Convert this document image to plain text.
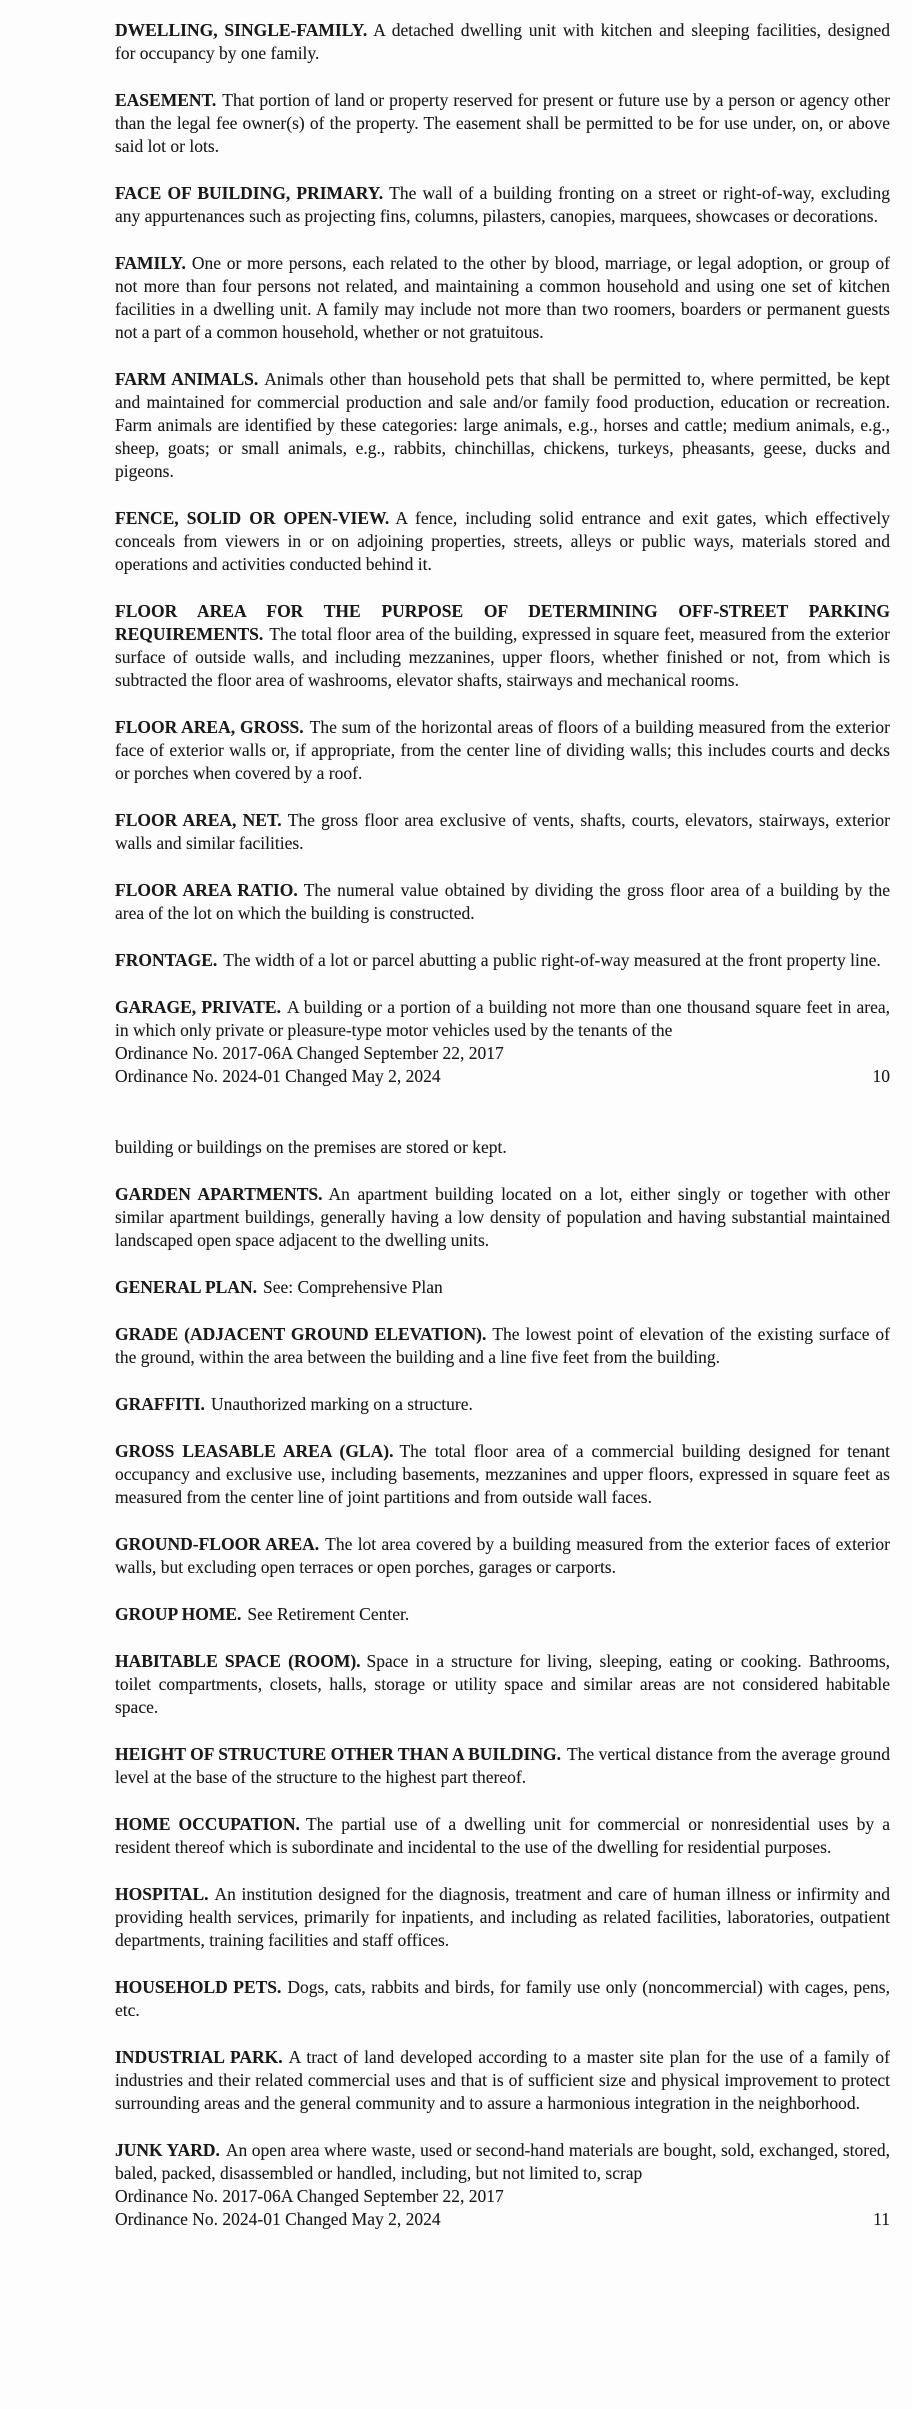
DWELLING, SINGLE-FAMILY. A detached dwelling unit with kitchen and sleeping facilities, designed for occupancy by one family.

EASEMENT. That portion of land or property reserved for present or future use by a person or agency other than the legal fee owner(s) of the property. The easement shall be permitted to be for use under, on, or above said lot or lots.

FACE OF BUILDING, PRIMARY. The wall of a building fronting on a street or right-of-way, excluding any appurtenances such as projecting fins, columns, pilasters, canopies, marquees, showcases or decorations.

FAMILY. One or more persons, each related to the other by blood, marriage, or legal adoption, or group of not more than four persons not related, and maintaining a common household and using one set of kitchen facilities in a dwelling unit. A family may include not more than two roomers, boarders or permanent guests not a part of a common household, whether or not gratuitous.

FARM ANIMALS. Animals other than household pets that shall be permitted to, where permitted, be kept and maintained for commercial production and sale and/or family food production, education or recreation. Farm animals are identified by these categories: large animals, e.g., horses and cattle; medium animals, e.g., sheep, goats; or small animals, e.g., rabbits, chinchillas, chickens, turkeys, pheasants, geese, ducks and pigeons.

FENCE, SOLID OR OPEN-VIEW. A fence, including solid entrance and exit gates, which effectively conceals from viewers in or on adjoining properties, streets, alleys or public ways, materials stored and operations and activities conducted behind it.

FLOOR AREA FOR THE PURPOSE OF DETERMINING OFF-STREET PARKING REQUIREMENTS. The total floor area of the building, expressed in square feet, measured from the exterior surface of outside walls, and including mezzanines, upper floors, whether finished or not, from which is subtracted the floor area of washrooms, elevator shafts, stairways and mechanical rooms.

FLOOR AREA, GROSS. The sum of the horizontal areas of floors of a building measured from the exterior face of exterior walls or, if appropriate, from the center line of dividing walls; this includes courts and decks or porches when covered by a roof.

FLOOR AREA, NET. The gross floor area exclusive of vents, shafts, courts, elevators, stairways, exterior walls and similar facilities.

FLOOR AREA RATIO. The numeral value obtained by dividing the gross floor area of a building by the area of the lot on which the building is constructed.

FRONTAGE. The width of a lot or parcel abutting a public right-of-way measured at the front property line.

GARAGE, PRIVATE. A building or a portion of a building not more than one thousand square feet in area, in which only private or pleasure-type motor vehicles used by the tenants of the

Ordinance No. 2017-06A Changed September 22, 2017
Ordinance No. 2024-01 Changed May 2, 2024	10

building or buildings on the premises are stored or kept.

GARDEN APARTMENTS. An apartment building located on a lot, either singly or together with other similar apartment buildings, generally having a low density of population and having substantial maintained landscaped open space adjacent to the dwelling units.

GENERAL PLAN. See: Comprehensive Plan

GRADE (ADJACENT GROUND ELEVATION). The lowest point of elevation of the existing surface of the ground, within the area between the building and a line five feet from the building.

GRAFFITI. Unauthorized marking on a structure.

GROSS LEASABLE AREA (GLA). The total floor area of a commercial building designed for tenant occupancy and exclusive use, including basements, mezzanines and upper floors, expressed in square feet as measured from the center line of joint partitions and from outside wall faces.

GROUND-FLOOR AREA. The lot area covered by a building measured from the exterior faces of exterior walls, but excluding open terraces or open porches, garages or carports.

GROUP HOME. See Retirement Center.

HABITABLE SPACE (ROOM). Space in a structure for living, sleeping, eating or cooking. Bathrooms, toilet compartments, closets, halls, storage or utility space and similar areas are not considered habitable space.

HEIGHT OF STRUCTURE OTHER THAN A BUILDING. The vertical distance from the average ground level at the base of the structure to the highest part thereof.

HOME OCCUPATION. The partial use of a dwelling unit for commercial or nonresidential uses by a resident thereof which is subordinate and incidental to the use of the dwelling for residential purposes.

HOSPITAL. An institution designed for the diagnosis, treatment and care of human illness or infirmity and providing health services, primarily for inpatients, and including as related facilities, laboratories, outpatient departments, training facilities and staff offices.

HOUSEHOLD PETS. Dogs, cats, rabbits and birds, for family use only (noncommercial) with cages, pens, etc.

INDUSTRIAL PARK. A tract of land developed according to a master site plan for the use of a family of industries and their related commercial uses and that is of sufficient size and physical improvement to protect surrounding areas and the general community and to assure a harmonious integration in the neighborhood.

JUNK YARD. An open area where waste, used or second-hand materials are bought, sold, exchanged, stored, baled, packed, disassembled or handled, including, but not limited to, scrap

Ordinance No. 2017-06A Changed September 22, 2017
Ordinance No. 2024-01 Changed May 2, 2024	11
